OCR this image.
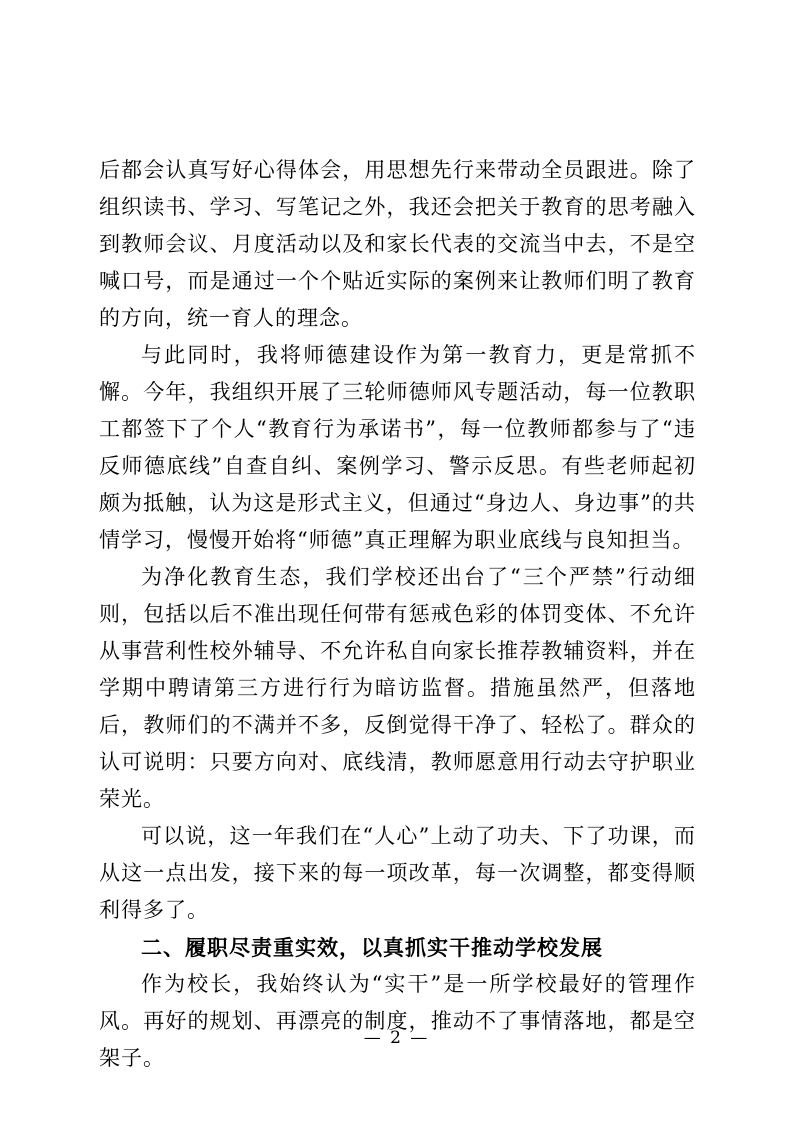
后都会认真写好心得体会，用思想先行来带动全员跟进。除了组织读书、学习、写笔记之外，我还会把关于教育的思考融入到教师会议、月度活动以及和家长代表的交流当中去，不是空喊口号，而是通过一个个贴近实际的案例来让教师们明了教育的方向，统一育人的理念。

与此同时，我将师德建设作为第一教育力，更是常抓不懈。今年，我组织开展了三轮师德师风专题活动，每一位教职工都签下了个人“教育行为承诺书”，每一位教师都参与了“违反师德底线”自查自纠、案例学习、警示反思。有些老师起初颇为抵触，认为这是形式主义，但通过“身边人、身边事”的共情学习，慢慢开始将“师德”真正理解为职业底线与良知担当。

为净化教育生态，我们学校还出台了“三个严禁”行动细则，包括以后不准出现任何带有惩戒色彩的体罚变体、不允许从事营利性校外辅导、不允许私自向家长推荐教辅资料，并在学期中聘请第三方进行行为暗访监督。措施虽然严，但落地后，教师们的不满并不多，反倒觉得干净了、轻松了。群众的认可说明：只要方向对、底线清，教师愿意用行动去守护职业荣光。

可以说，这一年我们在“人心”上动了功夫、下了功课，而从这一点出发，接下来的每一项改革，每一次调整，都变得顺利得多了。

二、履职尽责重实效，以真抓实干推动学校发展

作为校长，我始终认为“实干”是一所学校最好的管理作风。再好的规划、再漂亮的制度，推动不了事情落地，都是空架子。

— 2 —
